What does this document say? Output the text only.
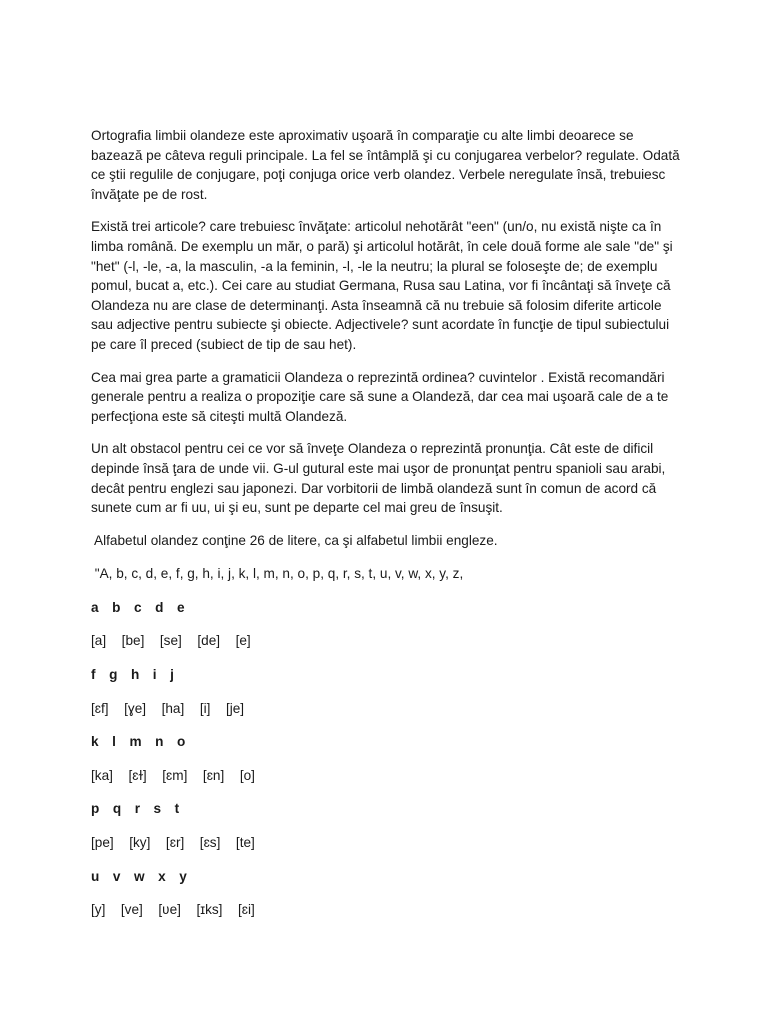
Ortografia limbii olandeze este aproximativ uşoară în comparaţie cu alte limbi deoarece se bazează pe câteva reguli principale. La fel se întâmplă şi cu conjugarea verbelor? regulate. Odată ce ştii regulile de conjugare, poţi conjuga orice verb olandez. Verbele neregulate însă, trebuiesc învăţate pe de rost.

Există trei articole? care trebuiesc învăţate: articolul nehotărât "een" (un/o, nu există nişte ca în limba română. De exemplu un măr, o pară) şi articolul hotărât, în cele două forme ale sale "de" şi "het" (-l, -le, -a, la masculin, -a la feminin, -l, -le la neutru; la plural se foloseşte de; de exemplu pomul, bucat a, etc.). Cei care au studiat Germana, Rusa sau Latina, vor fi încântaţi să înveţe că Olandeza nu are clase de determinanţi. Asta înseamnă că nu trebuie să folosim diferite articole sau adjective pentru subiecte şi obiecte. Adjectivele? sunt acordate în funcţie de tipul subiectului pe care îl preced (subiect de tip de sau het).

Cea mai grea parte a gramaticii Olandeza o reprezintă ordinea? cuvintelor . Există recomandări generale pentru a realiza o propoziţie care să sune a Olandeză, dar cea mai uşoară cale de a te perfecţiona este să citeşti multă Olandeză.

Un alt obstacol pentru cei ce vor să înveţe Olandeza o reprezintă pronunţia. Cât este de dificil depinde însă ţara de unde vii. G-ul gutural este mai uşor de pronunţat pentru spanioli sau arabi, decât pentru englezi sau japonezi. Dar vorbitorii de limbă olandeză sunt în comun de acord că sunete cum ar fi uu, ui şi eu, sunt pe departe cel mai greu de însuşit.

Alfabetul olandez conţine 26 de litere, ca şi alfabetul limbii engleze.

"A, b, c, d, e, f, g, h, i, j, k, l, m, n, o, p, q, r, s, t, u, v, w, x, y, z,

a  b  c  d  e

[a]  [be]  [se]  [de]  [e]

f  g  h  i  j

[ɛf]  [ɣe]  [ha]  [i]  [je]

k  l  m  n  o

[ka]  [ɛɫ]  [ɛm]  [ɛn]  [o]

p  q  r  s  t

[pe]  [ky]  [ɛr]  [ɛs]  [te]

u  v  w  x  y

[y]  [ve]  [ʋe]  [ɪks]  [ɛi]
